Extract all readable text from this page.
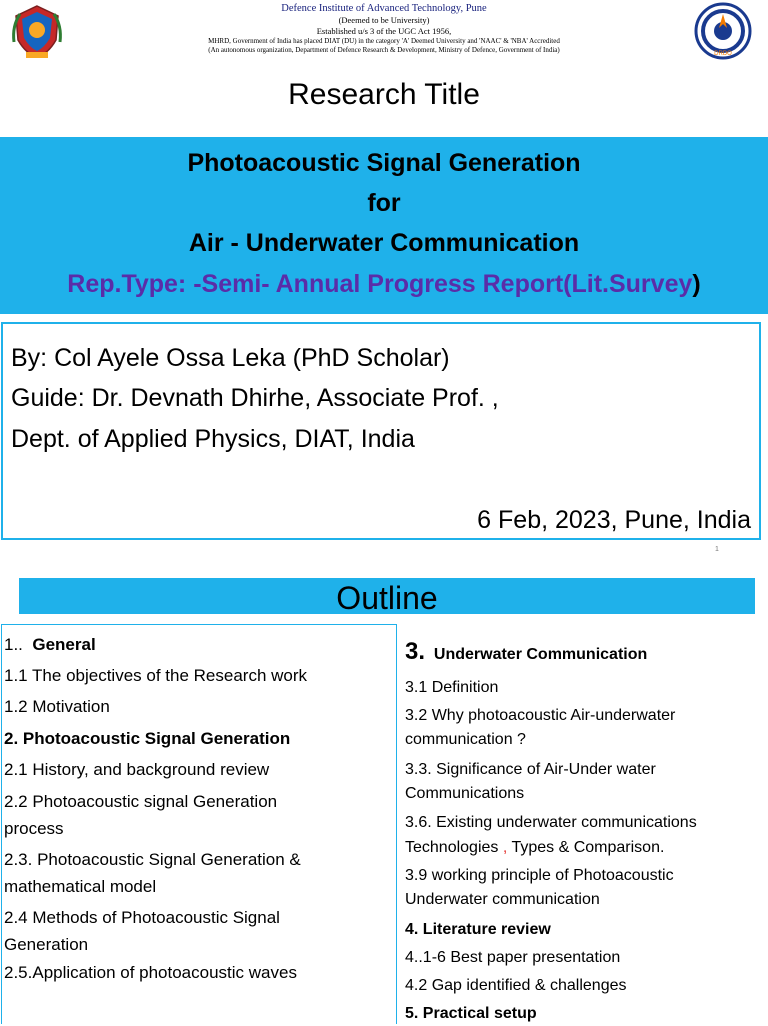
Defence Institute of Advanced Technology, Pune
(Deemed to be University)
Established u/s 3 of the UGC Act 1956,
MHRD, Government of India has placed DIAT (DU) in the category 'A' Deemed University and 'NAAC' & 'NBA' Accredited
(An autonomous organization, Department of Defence Research & Development, Ministry of Defence, Government of India)	DRDO
Research Title
Photoacoustic Signal Generation
for
Air - Underwater Communication
Rep.Type: -Semi- Annual Progress Report(Lit.Survey)
By: Col Ayele Ossa Leka (PhD Scholar)
Guide: Dr. Devnath Dhirhe, Associate Prof. ,
Dept. of Applied Physics, DIAT, India
6 Feb, 2023, Pune, India
1
Outline
1.. General
1.1 The objectives of the Research work
1.2 Motivation
2. Photoacoustic Signal Generation
2.1 History, and background review
2.2 Photoacoustic signal Generation
process
2.3. Photoacoustic Signal Generation &
mathematical model
2.4 Methods of Photoacoustic Signal
Generation
2.5.Application of photoacoustic waves
3. Underwater Communication
3.1 Definition
3.2 Why photoacoustic Air-underwater
communication ?
3.3. Significance of Air-Under water
Communications
3.6. Existing underwater communications
Technologies , Types & Comparison.
3.9 working principle of Photoacoustic
Underwater communication
4. Literature review
4..1-6 Best paper presentation
4.2 Gap identified & challenges
5. Practical setup
